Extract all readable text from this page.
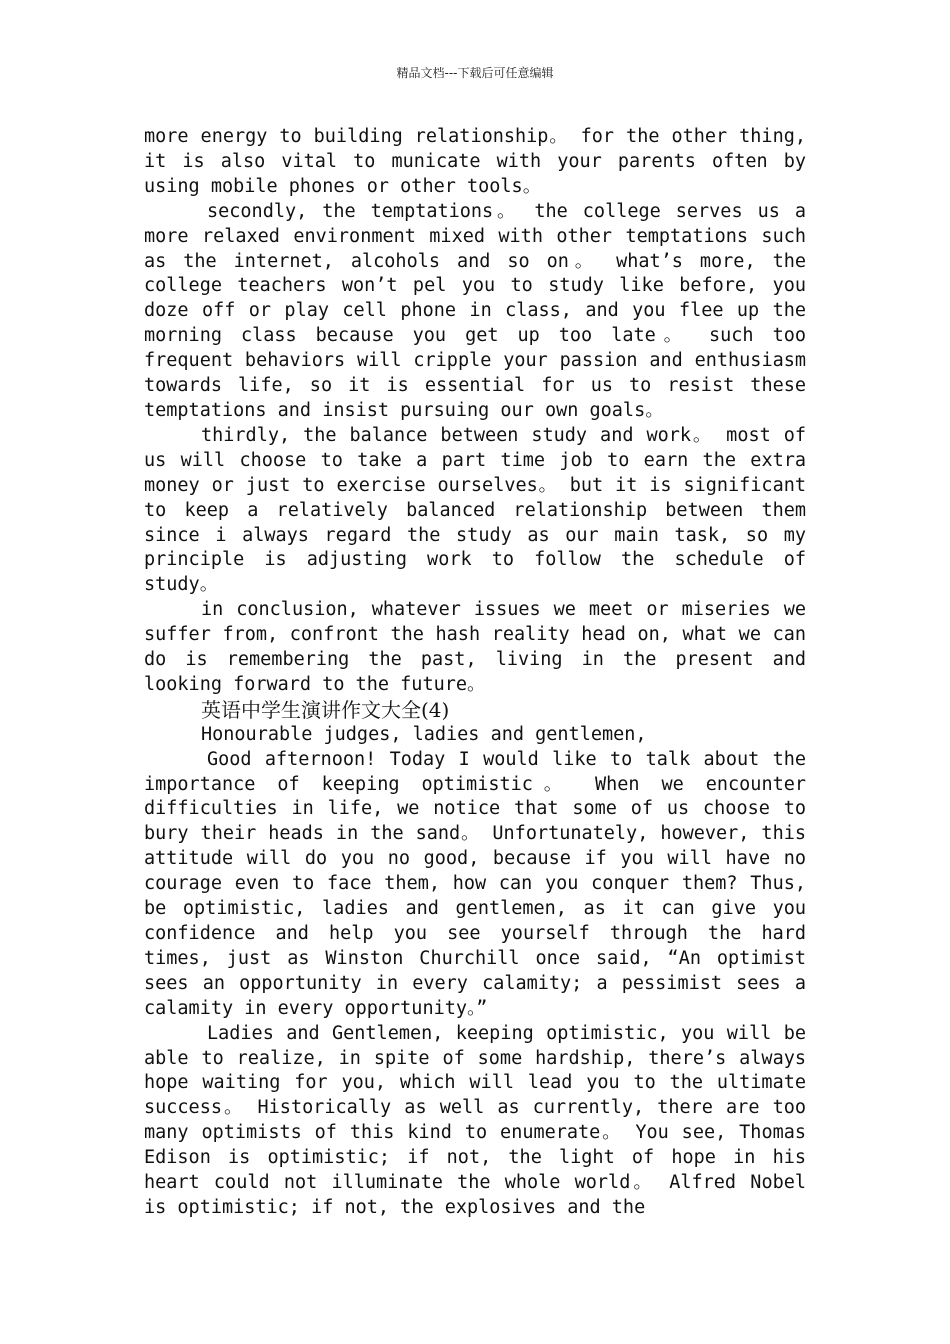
精品文档---下载后可任意编辑

more energy to building relationship。 for the other thing, it is also vital to municate with your parents often by using mobile phones or other tools。

secondly, the temptations。 the college serves us a more relaxed environment mixed with other temptations such as the internet, alcohols and so on。 what’s more, the college teachers won’t pel you to study like before, you doze off or play cell phone in class, and you flee up the morning class because you get up too late。 such too frequent behaviors will cripple your passion and enthusiasm towards life, so it is essential for us to resist these temptations and insist pursuing our own goals。

thirdly, the balance between study and work。 most of us will choose to take a part time job to earn the extra money or just to exercise ourselves。 but it is significant to keep a relatively balanced relationship between them since i always regard the study as our main task, so my principle is adjusting work to follow the schedule of study。

in conclusion, whatever issues we meet or miseries we suffer from, confront the hash reality head on, what we can do is remembering the past, living in the present and looking forward to the future。

英语中学生演讲作文大全(4)

Honourable judges, ladies and gentlemen,

Good afternoon! Today I would like to talk about the importance of keeping optimistic。 When we encounter difficulties in life, we notice that some of us choose to bury their heads in the sand。 Unfortunately, however, this attitude will do you no good, because if you will have no courage even to face them, how can you conquer them? Thus, be optimistic, ladies and gentlemen, as it can give you confidence and help you see yourself through the hard times, just as Winston Churchill once said, “An optimist sees an opportunity in every calamity; a pessimist sees a calamity in every opportunity。”

Ladies and Gentlemen, keeping optimistic, you will be able to realize, in spite of some hardship, there’s always hope waiting for you, which will lead you to the ultimate success。 Historically as well as currently, there are too many optimists of this kind to enumerate。 You see, Thomas Edison is optimistic; if not, the light of hope in his heart could not illuminate the whole world。 Alfred Nobel is optimistic; if not, the explosives and the
